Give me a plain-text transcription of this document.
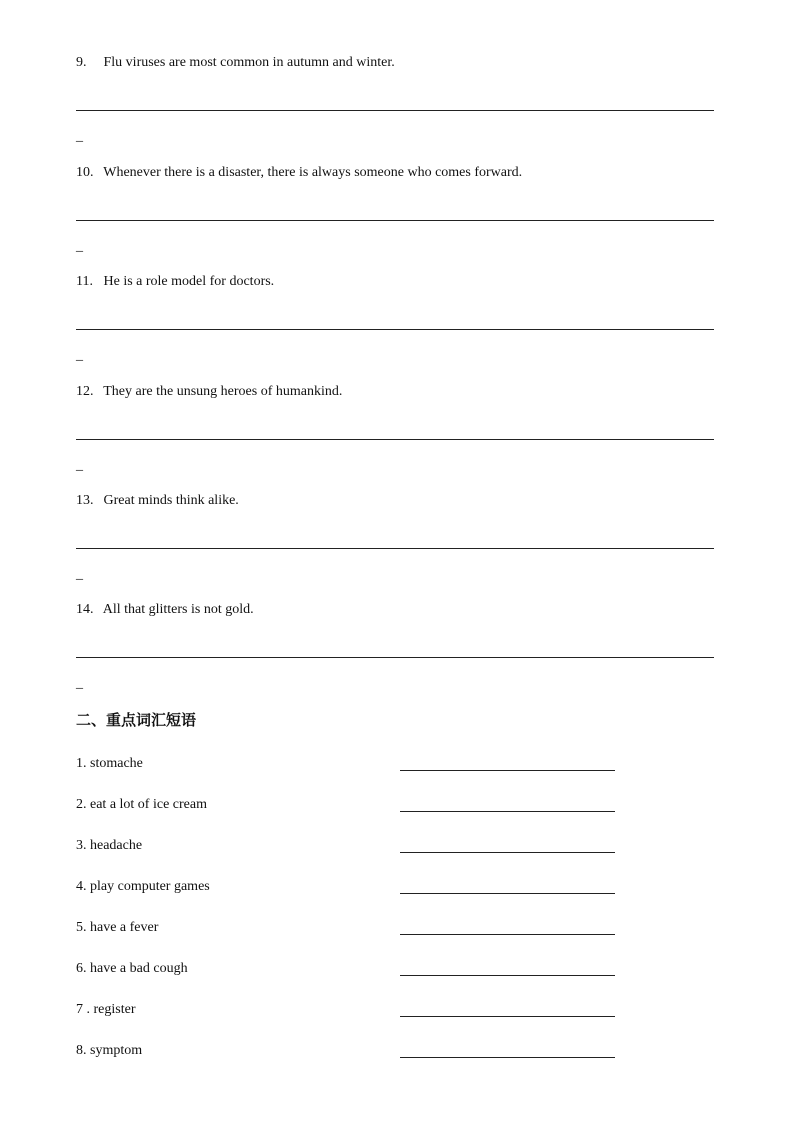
9. Flu viruses are most common in autumn and winter.
_
10. Whenever there is a disaster, there is always someone who comes forward.
_
11. He is a role model for doctors.
_
12. They are the unsung heroes of humankind.
_
13. Great minds think alike.
_
14. All that glitters is not gold.
_
二、重点词汇短语
1. stomache
2. eat a lot of ice cream
3. headache
4. play computer games
5. have a fever
6. have a bad cough
7 . register
8. symptom
